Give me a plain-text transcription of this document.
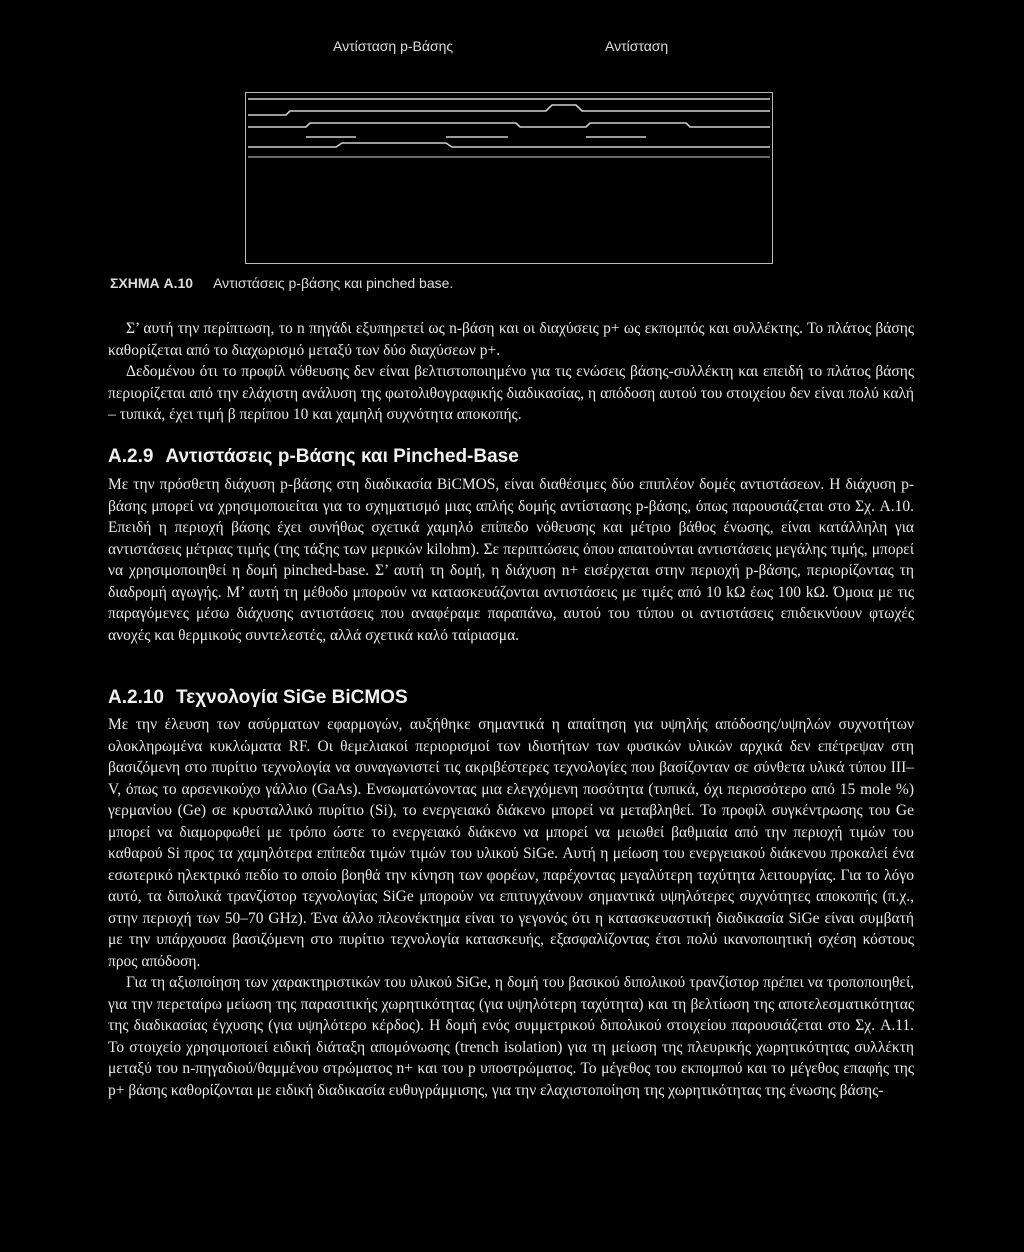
Αντίσταση p-Βάσης	Αντίσταση
ΣΧΗΜΑ A.10 Αντιστάσεις p-βάσης και pinched base.

Σ’ αυτή την περίπτωση, το n πηγάδι εξυπηρετεί ως n-βάση και οι διαχύσεις p+ ως εκπομπός και συλλέκτης. Το πλάτος βάσης καθορίζεται από το διαχωρισμό μεταξύ των δύο διαχύσεων p+.

Δεδομένου ότι το προφίλ νόθευσης δεν είναι βελτιστοποιημένο για τις ενώσεις βάσης-συλλέκτη και επειδή το πλάτος βάσης περιορίζεται από την ελάχιστη ανάλυση της φωτολιθογραφικής διαδικασίας, η απόδοση αυτού του στοιχείου δεν είναι πολύ καλή – τυπικά, έχει τιμή β περίπου 10 και χαμηλή συχνότητα αποκοπής.

A.2.9 Αντιστάσεις p-Βάσης και Pinched-Base

Με την πρόσθετη διάχυση p-βάσης στη διαδικασία BiCMOS, είναι διαθέσιμες δύο επιπλέον δομές αντιστάσεων. Η διάχυση p-βάσης μπορεί να χρησιμοποιείται για το σχηματισμό μιας απλής δομής αντίστασης p-βάσης, όπως παρουσιάζεται στο Σχ. A.10. Επειδή η περιοχή βάσης έχει συνήθως σχετικά χαμηλό επίπεδο νόθευσης και μέτριο βάθος ένωσης, είναι κατάλληλη για αντιστάσεις μέτριας τιμής (της τάξης των μερικών kilohm). Σε περιπτώσεις όπου απαιτούνται αντιστάσεις μεγάλης τιμής, μπορεί να χρησιμοποιηθεί η δομή pinched-base. Σ’ αυτή τη δομή, η διάχυση n+ εισέρχεται στην περιοχή p-βάσης, περιορίζοντας τη διαδρομή αγωγής. Μ’ αυτή τη μέθοδο μπορούν να κατασκευάζονται αντιστάσεις με τιμές από 10 kΩ έως 100 kΩ. Όμοια με τις παραγόμενες μέσω διάχυσης αντιστάσεις που αναφέραμε παραπάνω, αυτού του τύπου οι αντιστάσεις επιδεικνύουν φτωχές ανοχές και θερμικούς συντελεστές, αλλά σχετικά καλό ταίριασμα.

A.2.10 Τεχνολογία SiGe BiCMOS

Με την έλευση των ασύρματων εφαρμογών, αυξήθηκε σημαντικά η απαίτηση για υψηλής απόδοσης/υψηλών συχνοτήτων ολοκληρωμένα κυκλώματα RF. Οι θεμελιακοί περιορισμοί των ιδιοτήτων των φυσικών υλικών αρχικά δεν επέτρεψαν στη βασιζόμενη στο πυρίτιο τεχνολογία να συναγωνιστεί τις ακριβέστερες τεχνολογίες που βασίζονταν σε σύνθετα υλικά τύπου III–V, όπως το αρσενικούχο γάλλιο (GaAs). Ενσωματώνοντας μια ελεγχόμενη ποσότητα (τυπικά, όχι περισσότερο από 15 mole %) γερμανίου (Ge) σε κρυσταλλικό πυρίτιο (Si), το ενεργειακό διάκενο μπορεί να μεταβληθεί. Το προφίλ συγκέντρωσης του Ge μπορεί να διαμορφωθεί με τρόπο ώστε το ενεργειακό διάκενο να μπορεί να μειωθεί βαθμιαία από την περιοχή τιμών του καθαρού Si προς τα χαμηλότερα επίπεδα τιμών τιμών του υλικού SiGe. Αυτή η μείωση του ενεργειακού διάκενου προκαλεί ένα εσωτερικό ηλεκτρικό πεδίο το οποίο βοηθά την κίνηση των φορέων, παρέχοντας μεγαλύτερη ταχύτητα λειτουργίας. Για το λόγο αυτό, τα διπολικά τρανζίστορ τεχνολογίας SiGe μπορούν να επιτυγχάνουν σημαντικά υψηλότερες συχνότητες αποκοπής (π.χ., στην περιοχή των 50–70 GHz). Ένα άλλο πλεονέκτημα είναι το γεγονός ότι η κατασκευαστική διαδικασία SiGe είναι συμβατή με την υπάρχουσα βασιζόμενη στο πυρίτιο τεχνολογία κατασκευής, εξασφαλίζοντας έτσι πολύ ικανοποιητική σχέση κόστους προς απόδοση.

Για τη αξιοποίηση των χαρακτηριστικών του υλικού SiGe, η δομή του βασικού διπολικού τρανζίστορ πρέπει να τροποποιηθεί, για την περεταίρω μείωση της παρασιτικής χωρητικότητας (για υψηλότερη ταχύτητα) και τη βελτίωση της αποτελεσματικότητας της διαδικασίας έγχυσης (για υψηλότερο κέρδος). Η δομή ενός συμμετρικού διπολικού στοιχείου παρουσιάζεται στο Σχ. A.11. Το στοιχείο χρησιμοποιεί ειδική διάταξη απομόνωσης (trench isolation) για τη μείωση της πλευρικής χωρητικότητας συλλέκτη μεταξύ του n-πηγαδιού/θαμμένου στρώματος n+ και του p υποστρώματος. Το μέγεθος του εκπομπού και το μέγεθος επαφής της p+ βάσης καθορίζονται με ειδική διαδικασία ευθυγράμμισης, για την ελαχιστοποίηση της χωρητικότητας της ένωσης βάσης-
